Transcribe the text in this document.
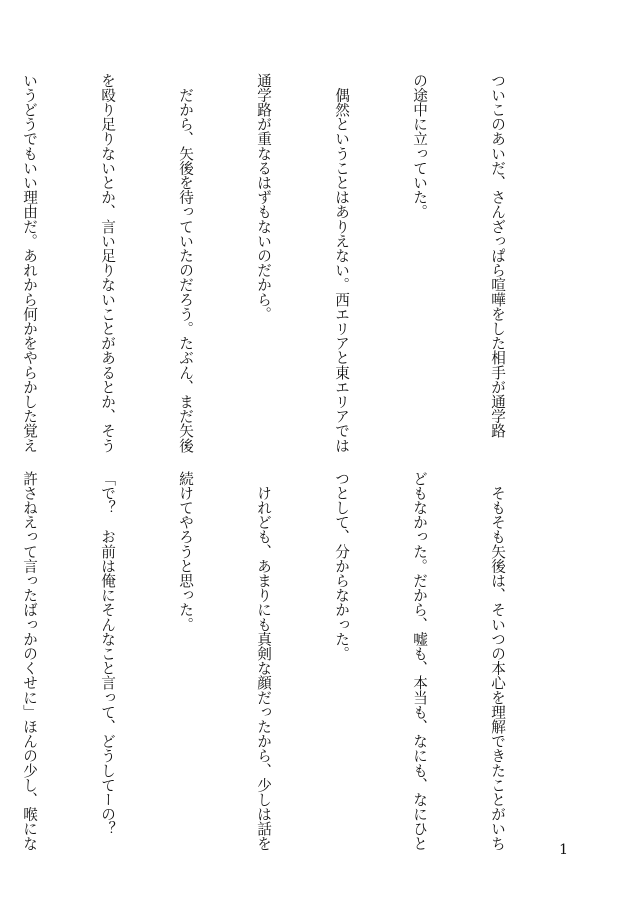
ついこのあいだ、さんざっぱら喧嘩をした相手が通学路

の途中に立っていた。

　偶然ということはありえない。西エリアと東エリアでは

通学路が重なるはずもないのだから。

　だから、矢後を待っていたのだろう。たぶん、まだ矢後

を殴り足りないとか、言い足りないことがあるとか、そう

いうどうでもいい理由だ。あれから何かをやらかした覚え

　そもそも矢後は、そいつの本心を理解できたことがいち

どもなかった。だから、嘘も、本当も、なにも、なにひと

つとして、分からなかった。

　けれども、あまりにも真剣な顔だったから、少しは話を

続けてやろうと思った。

「で？　お前は俺にそんなこと言って、どうしてーの？

許さねえって言ったばっかのくせに」ほんの少し、喉にな

	1
